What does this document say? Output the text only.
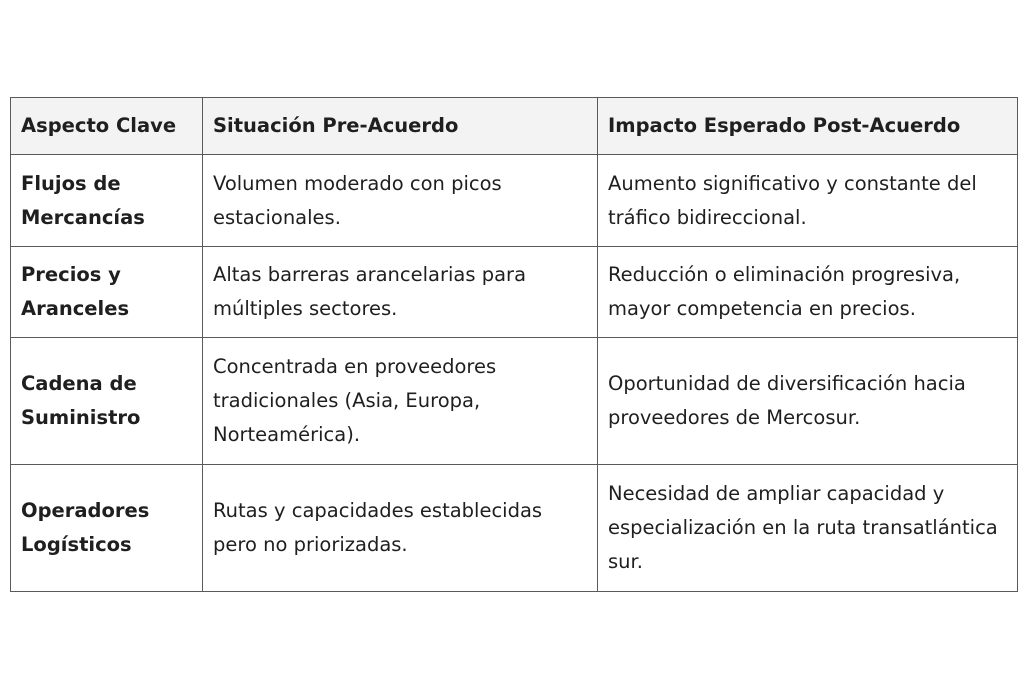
Aspecto Clave	Situación Pre-Acuerdo	Impacto Esperado Post-Acuerdo
Flujos de Mercancías	Volumen moderado con picos estacionales.	Aumento significativo y constante del tráfico bidireccional.
Precios y Aranceles	Altas barreras arancelarias para múltiples sectores.	Reducción o eliminación progresiva, mayor competencia en precios.
Cadena de Suministro	Concentrada en proveedores tradicionales (Asia, Europa, Norteamérica).	Oportunidad de diversificación hacia proveedores de Mercosur.
Operadores Logísticos	Rutas y capacidades establecidas pero no priorizadas.	Necesidad de ampliar capacidad y especialización en la ruta transatlántica sur.
